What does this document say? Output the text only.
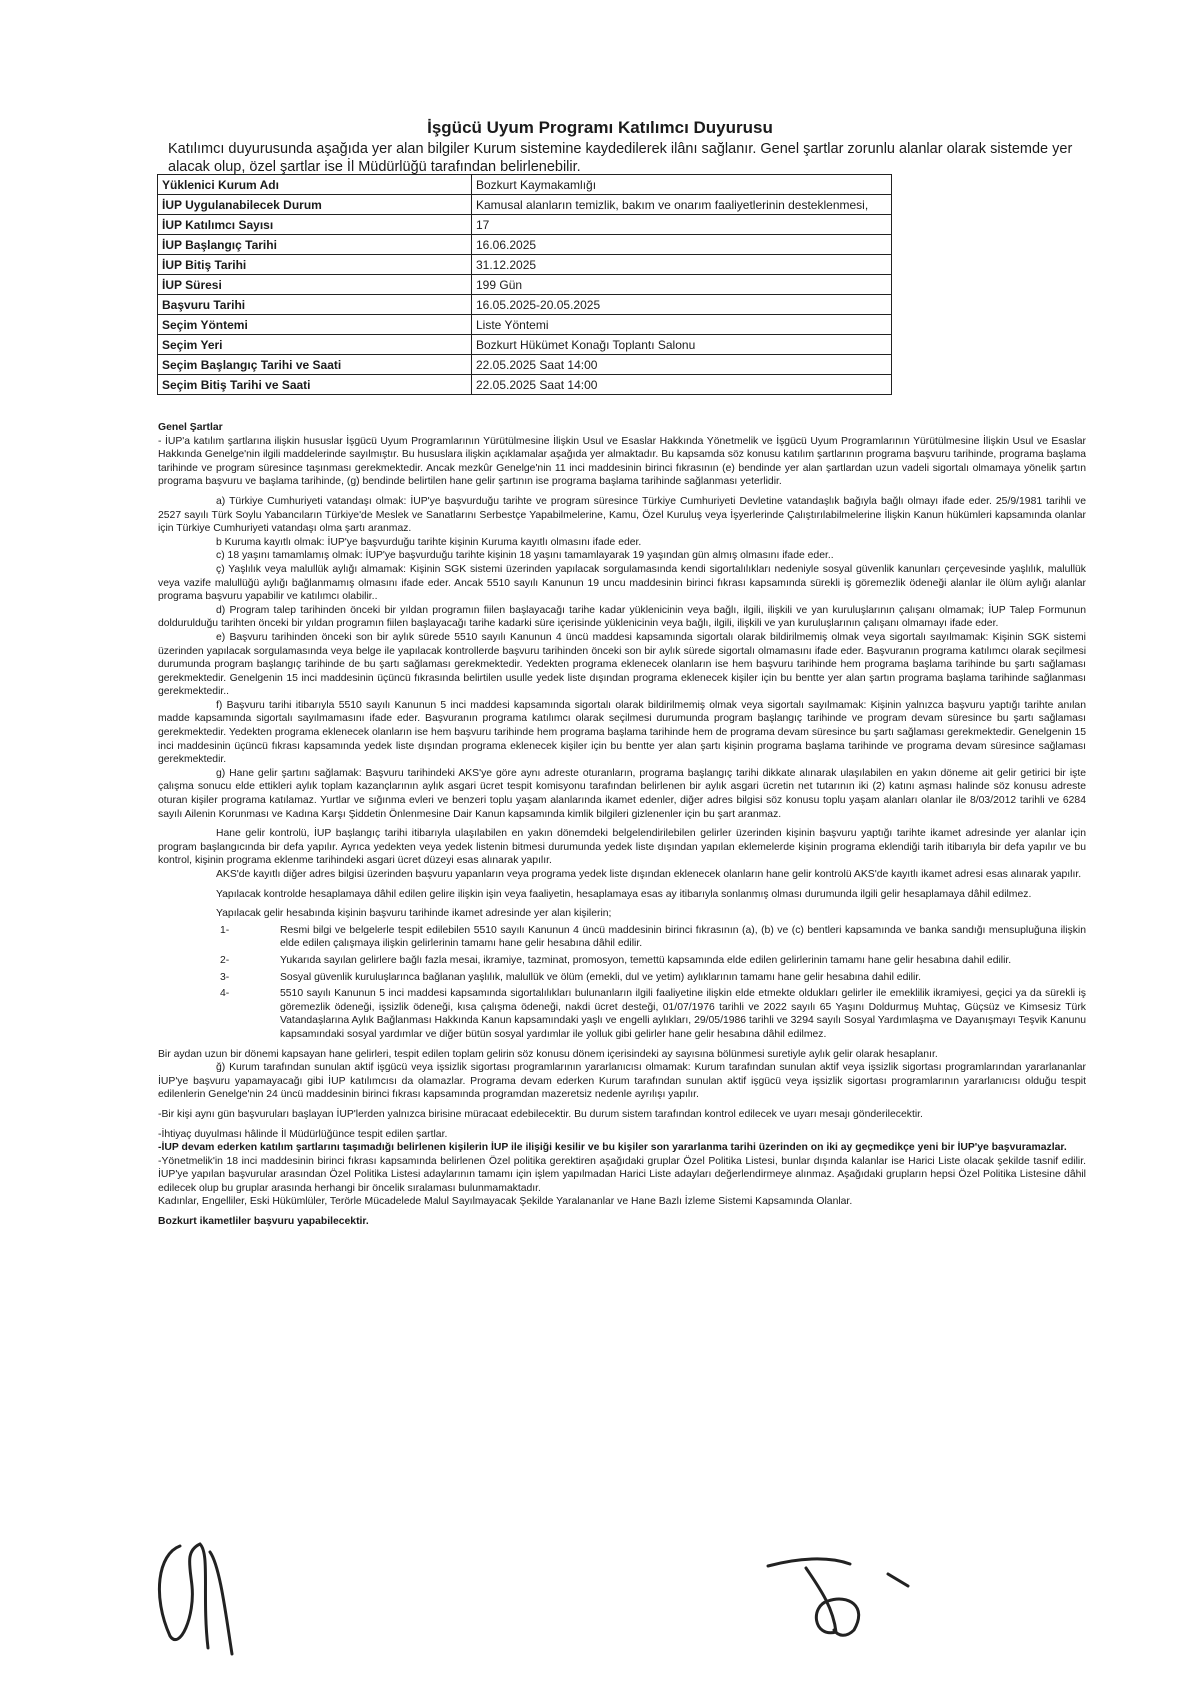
İşgücü Uyum Programı Katılımcı Duyurusu
Katılımcı duyurusunda aşağıda yer alan bilgiler Kurum sistemine kaydedilerek ilânı sağlanır. Genel şartlar zorunlu alanlar olarak sistemde yer alacak olup, özel şartlar ise İl Müdürlüğü tarafından belirlenebilir.
Yüklenici Kurum Adı	Bozkurt Kaymakamlığı
İUP Uygulanabilecek Durum	Kamusal alanların temizlik, bakım ve onarım faaliyetlerinin desteklenmesi,
İUP Katılımcı Sayısı	17
İUP Başlangıç Tarihi	16.06.2025
İUP Bitiş Tarihi	31.12.2025
İUP Süresi	199 Gün
Başvuru Tarihi	16.05.2025-20.05.2025
Seçim Yöntemi	Liste Yöntemi
Seçim Yeri	Bozkurt Hükümet Konağı Toplantı Salonu
Seçim Başlangıç Tarihi ve Saati	22.05.2025 Saat 14:00
Seçim Bitiş Tarihi ve Saati	22.05.2025 Saat 14:00

Genel Şartlar

- İUP'a katılım şartlarına ilişkin hususlar İşgücü Uyum Programlarının Yürütülmesine İlişkin Usul ve Esaslar Hakkında Yönetmelik ve İşgücü Uyum Programlarının Yürütülmesine İlişkin Usul ve Esaslar Hakkında Genelge'nin ilgili maddelerinde sayılmıştır. Bu hususlara ilişkin açıklamalar aşağıda yer almaktadır. Bu kapsamda söz konusu katılım şartlarının programa başvuru tarihinde, programa başlama tarihinde ve program süresince taşınması gerekmektedir. Ancak mezkûr Genelge'nin 11 inci maddesinin birinci fıkrasının (e) bendinde yer alan şartlardan uzun vadeli sigortalı olmamaya yönelik şartın programa başvuru ve başlama tarihinde, (g) bendinde belirtilen hane gelir şartının ise programa başlama tarihinde sağlanması yeterlidir.

a) Türkiye Cumhuriyeti vatandaşı olmak: İUP'ye başvurduğu tarihte ve program süresince Türkiye Cumhuriyeti Devletine vatandaşlık bağıyla bağlı olmayı ifade eder. 25/9/1981 tarihli ve 2527 sayılı Türk Soylu Yabancıların Türkiye'de Meslek ve Sanatlarını Serbestçe Yapabilmelerine, Kamu, Özel Kuruluş veya İşyerlerinde Çalıştırılabilmelerine İlişkin Kanun hükümleri kapsamında olanlar için Türkiye Cumhuriyeti vatandaşı olma şartı aranmaz.

b Kuruma kayıtlı olmak: İUP'ye başvurduğu tarihte kişinin Kuruma kayıtlı olmasını ifade eder.

c) 18 yaşını tamamlamış olmak: İUP'ye başvurduğu tarihte kişinin 18 yaşını tamamlayarak 19 yaşından gün almış olmasını ifade eder..

ç) Yaşlılık veya malullük aylığı almamak: Kişinin SGK sistemi üzerinden yapılacak sorgulamasında kendi sigortalılıkları nedeniyle sosyal güvenlik kanunları çerçevesinde yaşlılık, malullük veya vazife malullüğü aylığı bağlanmamış olmasını ifade eder. Ancak 5510 sayılı Kanunun 19 uncu maddesinin birinci fıkrası kapsamında sürekli iş göremezlik ödeneği alanlar ile ölüm aylığı alanlar programa başvuru yapabilir ve katılımcı olabilir..

d) Program talep tarihinden önceki bir yıldan programın fiilen başlayacağı tarihe kadar yüklenicinin veya bağlı, ilgili, ilişkili ve yan kuruluşlarının çalışanı olmamak; İUP Talep Formunun doldurulduğu tarihten önceki bir yıldan programın fiilen başlayacağı tarihe kadarki süre içerisinde yüklenicinin veya bağlı, ilgili, ilişkili ve yan kuruluşlarının çalışanı olmamayı ifade eder.

e) Başvuru tarihinden önceki son bir aylık sürede 5510 sayılı Kanunun 4 üncü maddesi kapsamında sigortalı olarak bildirilmemiş olmak veya sigortalı sayılmamak: Kişinin SGK sistemi üzerinden yapılacak sorgulamasında veya belge ile yapılacak kontrollerde başvuru tarihinden önceki son bir aylık sürede sigortalı olmamasını ifade eder. Başvuranın programa katılımcı olarak seçilmesi durumunda program başlangıç tarihinde de bu şartı sağlaması gerekmektedir. Yedekten programa eklenecek olanların ise hem başvuru tarihinde hem programa başlama tarihinde bu şartı sağlaması gerekmektedir. Genelgenin 15 inci maddesinin üçüncü fıkrasında belirtilen usulle yedek liste dışından programa eklenecek kişiler için bu bentte yer alan şartın programa başlama tarihinde sağlanması gerekmektedir..

f) Başvuru tarihi itibarıyla 5510 sayılı Kanunun 5 inci maddesi kapsamında sigortalı olarak bildirilmemiş olmak veya sigortalı sayılmamak: Kişinin yalnızca başvuru yaptığı tarihte anılan madde kapsamında sigortalı sayılmamasını ifade eder. Başvuranın programa katılımcı olarak seçilmesi durumunda program başlangıç tarihinde ve program devam süresince bu şartı sağlaması gerekmektedir. Yedekten programa eklenecek olanların ise hem başvuru tarihinde hem programa başlama tarihinde hem de programa devam süresince bu şartı sağlaması gerekmektedir. Genelgenin 15 inci maddesinin üçüncü fıkrası kapsamında yedek liste dışından programa eklenecek kişiler için bu bentte yer alan şartı kişinin programa başlama tarihinde ve programa devam süresince sağlaması gerekmektedir.

g) Hane gelir şartını sağlamak: Başvuru tarihindeki AKS'ye göre aynı adreste oturanların, programa başlangıç tarihi dikkate alınarak ulaşılabilen en yakın döneme ait gelir getirici bir işte çalışma sonucu elde ettikleri aylık toplam kazançlarının aylık asgari ücret tespit komisyonu tarafından belirlenen bir aylık asgari ücretin net tutarının iki (2) katını aşması halinde söz konusu adreste oturan kişiler programa katılamaz. Yurtlar ve sığınma evleri ve benzeri toplu yaşam alanlarında ikamet edenler, diğer adres bilgisi söz konusu toplu yaşam alanları olanlar ile 8/03/2012 tarihli ve 6284 sayılı Ailenin Korunması ve Kadına Karşı Şiddetin Önlenmesine Dair Kanun kapsamında kimlik bilgileri gizlenenler için bu şart aranmaz.

Hane gelir kontrolü, İUP başlangıç tarihi itibarıyla ulaşılabilen en yakın dönemdeki belgelendirilebilen gelirler üzerinden kişinin başvuru yaptığı tarihte ikamet adresinde yer alanlar için program başlangıcında bir defa yapılır. Ayrıca yedekten veya yedek listenin bitmesi durumunda yedek liste dışından yapılan eklemelerde kişinin programa eklendiği tarih itibarıyla bir defa yapılır ve bu kontrol, kişinin programa eklenme tarihindeki asgari ücret düzeyi esas alınarak yapılır.

AKS'de kayıtlı diğer adres bilgisi üzerinden başvuru yapanların veya programa yedek liste dışından eklenecek olanların hane gelir kontrolü AKS'de kayıtlı ikamet adresi esas alınarak yapılır.

Yapılacak kontrolde hesaplamaya dâhil edilen gelire ilişkin işin veya faaliyetin, hesaplamaya esas ay itibarıyla sonlanmış olması durumunda ilgili gelir hesaplamaya dâhil edilmez.

Yapılacak gelir hesabında kişinin başvuru tarihinde ikamet adresinde yer alan kişilerin;

1-	Resmi bilgi ve belgelerle tespit edilebilen 5510 sayılı Kanunun 4 üncü maddesinin birinci fıkrasının (a), (b) ve (c) bentleri kapsamında ve banka sandığı mensupluğuna ilişkin elde edilen çalışmaya ilişkin gelirlerinin tamamı hane gelir hesabına dâhil edilir.
2-	Yukarıda sayılan gelirlere bağlı fazla mesai, ikramiye, tazminat, promosyon, temettü kapsamında elde edilen gelirlerinin tamamı hane gelir hesabına dahil edilir.
3-	Sosyal güvenlik kuruluşlarınca bağlanan yaşlılık, malullük ve ölüm (emekli, dul ve yetim) aylıklarının tamamı hane gelir hesabına dahil edilir.
4-	5510 sayılı Kanunun 5 inci maddesi kapsamında sigortalılıkları bulunanların ilgili faaliyetine ilişkin elde etmekte oldukları gelirler ile emeklilik ikramiyesi, geçici ya da sürekli iş göremezlik ödeneği, işsizlik ödeneği, kısa çalışma ödeneği, nakdi ücret desteği, 01/07/1976 tarihli ve 2022 sayılı 65 Yaşını Doldurmuş Muhtaç, Güçsüz ve Kimsesiz Türk Vatandaşlarına Aylık Bağlanması Hakkında Kanun kapsamındaki yaşlı ve engelli aylıkları, 29/05/1986 tarihli ve 3294 sayılı Sosyal Yardımlaşma ve Dayanışmayı Teşvik Kanunu kapsamındaki sosyal yardımlar ve diğer bütün sosyal yardımlar ile yolluk gibi gelirler hane gelir hesabına dâhil edilmez.

Bir aydan uzun bir dönemi kapsayan hane gelirleri, tespit edilen toplam gelirin söz konusu dönem içerisindeki ay sayısına bölünmesi suretiyle aylık gelir olarak hesaplanır.

ğ) Kurum tarafından sunulan aktif işgücü veya işsizlik sigortası programlarının yararlanıcısı olmamak: Kurum tarafından sunulan aktif veya işsizlik sigortası programlarından yararlananlar İUP'ye başvuru yapamayacağı gibi İUP katılımcısı da olamazlar. Programa devam ederken Kurum tarafından sunulan aktif işgücü veya işsizlik sigortası programlarının yararlanıcısı olduğu tespit edilenlerin Genelge'nin 24 üncü maddesinin birinci fıkrası kapsamında programdan mazeretsiz nedenle ayrılışı yapılır.

-Bir kişi aynı gün başvuruları başlayan İUP'lerden yalnızca birisine müracaat edebilecektir. Bu durum sistem tarafından kontrol edilecek ve uyarı mesajı gönderilecektir.

-İhtiyaç duyulması hâlinde İl Müdürlüğünce tespit edilen şartlar.

-İUP devam ederken katılım şartlarını taşımadığı belirlenen kişilerin İUP ile ilişiği kesilir ve bu kişiler son yararlanma tarihi üzerinden on iki ay geçmedikçe yeni bir İUP'ye başvuramazlar.

-Yönetmelik'in 18 inci maddesinin birinci fıkrası kapsamında belirlenen Özel politika gerektiren aşağıdaki gruplar Özel Politika Listesi, bunlar dışında kalanlar ise Harici Liste olacak şekilde tasnif edilir. İUP'ye yapılan başvurular arasından Özel Politika Listesi adaylarının tamamı için işlem yapılmadan Harici Liste adayları değerlendirmeye alınmaz. Aşağıdaki grupların hepsi Özel Politika Listesine dâhil edilecek olup bu gruplar arasında herhangi bir öncelik sıralaması bulunmamaktadır.

Kadınlar, Engelliler, Eski Hükümlüler, Terörle Mücadelede Malul Sayılmayacak Şekilde Yaralananlar ve Hane Bazlı İzleme Sistemi Kapsamında Olanlar.

Bozkurt ikametliler başvuru yapabilecektir.
